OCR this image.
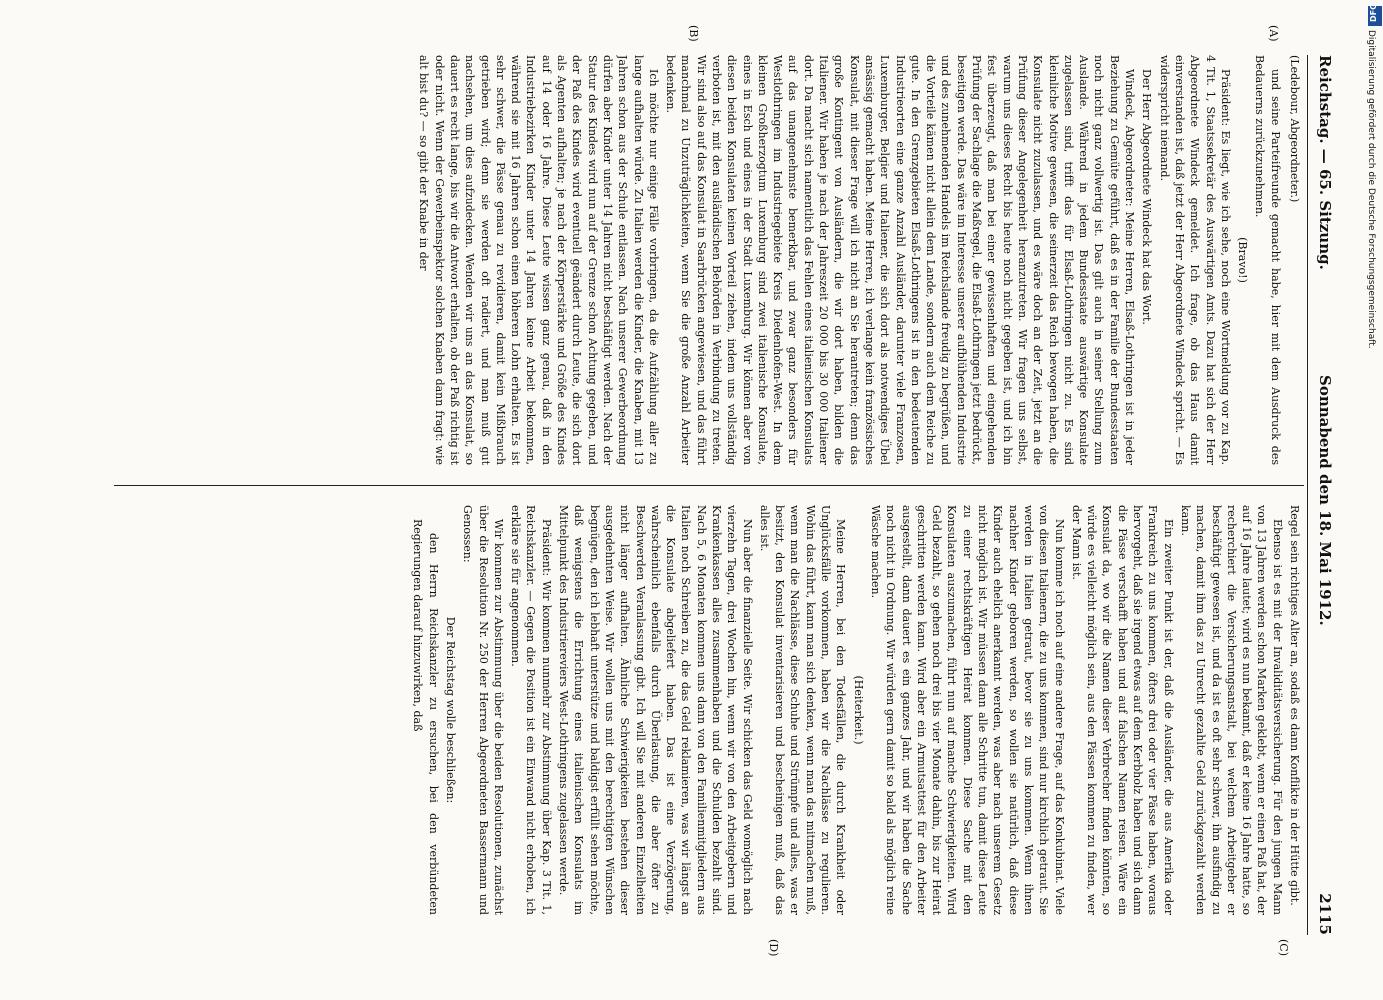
Reichstag. — 65. Sitzung.
Sonnabend den 18. Mai 1912.
2115
(A)
(B)
(C)
(D)
(Ledebour, Abgeordneter.)

und seine Parteifreunde gemacht habe, hier mit dem Ausdruck des Bedauerns zurückzunehmen.

(Bravo!)

Präsident: Es liegt, wie ich sehe, noch eine Wortmeldung vor zu Kap. 4 Tit. 1, Staatssekretär des Auswärtigen Amts. Dazu hat sich der Herr Abgeordnete Windeck gemeldet. Ich frage, ob das Haus damit einverstanden ist, daß jetzt der Herr Abgeordnete Windeck spricht. — Es widerspricht niemand.

Der Herr Abgeordnete Windeck hat das Wort.

Windeck, Abgeordneter: Meine Herren, Elsaß-Lothringen ist in jeder Beziehung zu Gemüte geführt, daß es in der Familie der Bundesstaaten noch nicht ganz vollwertig ist. Das gilt auch in seiner Stellung zum Auslande. Während in jedem Bundesstaate auswärtige Konsulate zugelassen sind, trifft das für Elsaß-Lothringen nicht zu. Es sind kleinliche Motive gewesen, die seinerzeit das Reich bewogen haben, die Konsulate nicht zuzulassen, und es wäre doch an der Zeit, jetzt an die Prüfung dieser Angelegenheit heranzutreten. Wir fragen uns selbst, warum uns dieses Recht bis heute noch nicht gegeben ist, und ich bin fest überzeugt, daß man bei einer gewissenhaften und eingehenden Prüfung der Sachlage die Maßregel, die Elsaß-Lothringen jetzt bedrückt, beseitigen werde. Das wäre im Interesse unserer aufblühenden Industrie und des zunehmenden Handels im Reichslande freudig zu begrüßen, und die Vorteile kämen nicht allein dem Lande, sondern auch dem Reiche zu gute. In den Grenzgebieten Elsaß-Lothringens ist in den bedeutenden Industrieorten eine ganze Anzahl Ausländer, darunter viele Franzosen, Luxemburger, Belgier und Italiener, die sich dort als notwendiges Übel ansässig gemacht haben. Meine Herren, ich verlange kein französisches Konsulat, mit dieser Frage will ich nicht an Sie herantreten; denn das große Kontingent von Ausländern, die wir dort haben, bilden die Italiener. Wir haben je nach der Jahreszeit 20 000 bis 30 000 Italiener dort. Da macht sich namentlich das Fehlen eines italienischen Konsulats auf das unangenehmste bemerkbar, und zwar ganz besonders für Westlothringen im Industriegebiete Kreis Diedenhofen-West. In dem kleinen Großherzogtum Luxemburg sind zwei italienische Konsulate, eines in Esch und eines in der Stadt Luxemburg. Wir können aber von diesen beiden Konsulaten keinen Vorteil ziehen, indem uns vollständig verboten ist, mit den ausländischen Behörden in Verbindung zu treten. Wir sind also auf das Konsulat in Saarbrücken angewiesen, und das führt manchmal zu Unzuträglichkeiten, wenn Sie die große Anzahl Arbeiter bedenken.

Ich möchte nur einige Fälle vorbringen, da die Aufzählung aller zu lange aufhalten würde. Zu Italien werden die Kinder, die Knaben, mit 13 Jahren schon aus der Schule entlassen. Nach unserer Gewerbeordnung dürfen aber Kinder unter 14 Jahren nicht beschäftigt werden. Nach der Statur des Kindes wird nun auf der Grenze schon Achtung gegeben, und der Paß des Kindes wird eventuell geändert durch Leute, die sich dort als Agenten aufhalten; je nach der Körperstärke und Größe des Kindes auf 14 oder 16 Jahre. Diese Leute wissen ganz genau, daß in den Industriebezirken Kinder unter 14 Jahren keine Arbeit bekommen, während sie mit 16 Jahren schon einen höheren Lohn erhalten. Es ist sehr schwer, die Pässe genau zu revidieren, damit kein Mißbrauch getrieben wird; denn sie werden oft radiert, und man muß gut nachsehen, um dies aufzudecken. Wenden wir uns an das Konsulat, so dauert es recht lange, bis wir die Antwort erhalten, ob der Paß richtig ist oder nicht. Wenn der Gewerbeinspektor solchen Knaben dann fragt: wie alt bist du? — so gibt der Knabe in der

Regel sein richtiges Alter an, sodaß es dann Konflikte in der Hütte gibt.

Ebenso ist es mit der Invaliditätsversicherung. Für den jungen Mann von 13 Jahren werden schon Marken geklebt, wenn er einen Paß hat, der auf 16 Jahre lautet; wird es nun bekannt, daß er keine 16 Jahre hatte, so recherchiert die Versicherungsanstalt, bei welchem Arbeitgeber er beschäftigt gewesen ist, und da ist es oft sehr schwer, ihn ausfindig zu machen, damit ihm das zu Unrecht gezahlte Geld zurückgezahlt werden kann.

Ein zweiter Punkt ist der, daß die Ausländer, die aus Amerika oder Frankreich zu uns kommen, öfters drei oder vier Pässe haben, woraus hervorgeht, daß sie irgend etwas auf dem Kerbholz haben und sich dann die Pässe verschafft haben und auf falschen Namen reisen. Wäre ein Konsulat da, wo wir die Namen dieser Verbrecher finden könnten, so würde es vielleicht möglich sein, aus den Pässen kommen zu finden, wer der Mann ist.

Nun komme ich noch auf eine andere Frage, auf das Konkubinat. Viele von diesen Italienern, die zu uns kommen, sind nur kirchlich getraut. Sie werden in Italien getraut, bevor sie zu uns kommen. Wenn ihnen nachher Kinder geboren werden, so wollen sie natürlich, daß diese Kinder auch ehelich anerkannt werden, was aber nach unserem Gesetz nicht möglich ist. Wir müssen dann alle Schritte tun, damit diese Leute zu einer rechtskräftigen Heirat kommen. Diese Sache mit den Konsulaten auszumachen, führt nun auf manche Schwierigkeiten. Wird Geld bezahlt, so gehen noch drei bis vier Monate dahin, bis zur Heirat geschritten werden kann. Wird aber ein Armutsattest für den Arbeiter ausgestellt, dann dauert es ein ganzes Jahr, und wir haben die Sache noch nicht in Ordnung. Wir würden gern damit so bald als möglich reine Wäsche machen.

(Heiterkeit.)

Meine Herren, bei den Todesfällen, die durch Krankheit oder Unglücksfälle vorkommen, haben wir die Nachlässe zu regulieren. Wohin das führt, kann man sich denken, wenn man das mitmachen muß, wenn man die Nachlässe, diese Schuhe und Strümpfe und alles, was er besitzt, den Konsulat inventarisieren und bescheinigen muß, daß das alles ist.

Nun aber die finanzielle Seite. Wir schicken das Geld womöglich nach vierzehn Tagen, drei Wochen hin, wenn wir von den Arbeitgebern und Krankenkassen alles zusammenhaben und die Schulden bezahlt sind. Nach 5, 6 Monaten kommen uns dann von den Familienmitgliedern aus Italien noch Schreiben zu, die das Geld reklamieren, was wir längst an die Konsulate abgeliefert haben. Das ist eine Verzögerung, wahrscheinlich ebenfalls durch Überlastung, die aber öfter zu Beschwerden Veranlassung gibt. Ich will Sie mit anderen Einzelheiten nicht länger aufhalten. Ähnliche Schwierigkeiten bestehen dieser ausgedehnten Weise. Wir wollen uns mit den berechtigten Wünschen begnügen, den ich lebhaft unterstütze und baldigst erfüllt sehen möchte, daß wenigstens die Errichtung eines italienischen Konsulats im Mittelpunkt des Industriereviers West-Lothringens zugelassen werde.

Präsident: Wir kommen nunmehr zur Abstimmung über Kap. 3 Tit. 1, Reichskanzler. — Gegen die Position ist ein Einwand nicht erhoben, ich erkläre sie für angenommen.

Wir kommen zur Abstimmung über die beiden Resolutionen, zunächst über die Resolution Nr. 250 der Herren Abgeordneten Bassermann und Genossen:

Der Reichstag wolle beschließen:

den Herrn Reichskanzler zu ersuchen, bei den verbündeten Regierungen darauf hinzuwirken, daß

Digitalisierung gefördert durch die Deutsche Forschungsgemeinschaft.
DFG
